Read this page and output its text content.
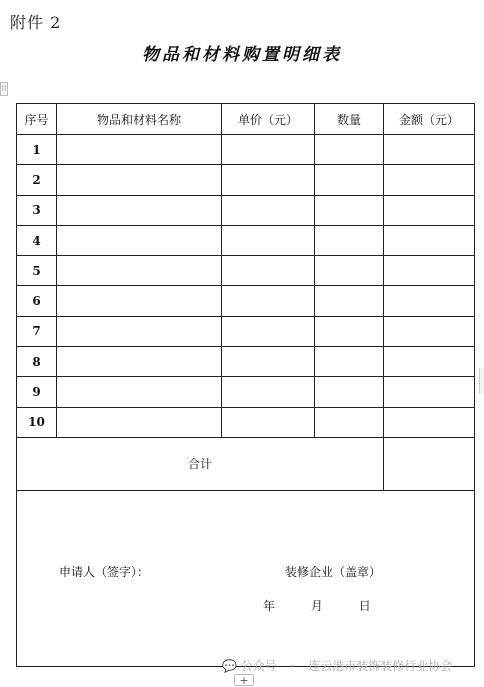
附件 2
物品和材料购置明细表
⁝⁝
序号	物品和材料名称	单价（元）	数量	金额（元）
1				
2				
3				
4				
5				
6				
7				
8				
9				
10				
合计				

申请人（签字）： 装修企业（盖章）
年 月 日				
💬 公众号 · 连云港市装饰装修行业协会
+
